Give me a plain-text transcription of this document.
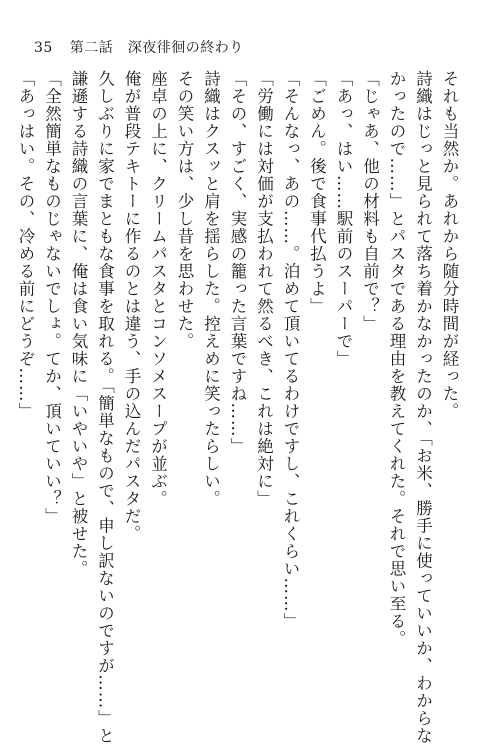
35 第二話　深夜徘徊の終わり

それも当然か。あれから随分時間が経った。

詩織はじっと見られて落ち着かなかったのか、「お米、勝手に使っていいか、わからな

かったので……」とパスタである理由を教えてくれた。それで思い至る。

「じゃあ、他の材料も自前で？」

「あっ、はい……駅前のスーパーで」

「ごめん。後で食事代払うよ」

「そんなっ、あの……。泊めて頂いてるわけですし、これくらい……」

「労働には対価が支払われて然るべき、これは絶対に」

「その、すごく、実感の籠った言葉ですね……」

詩織はクスッと肩を揺らした。控えめに笑ったらしい。

その笑い方は、少し昔を思わせた。

座卓の上に、クリームパスタとコンソメスープが並ぶ。

俺が普段テキトーに作るのとは違う、手の込んだパスタだ。

久しぶりに家でまともな食事を取れる。「簡単なもので、申し訳ないのですが……」と

謙遜する詩織の言葉に、俺は食い気味に「いやいや」と被せた。

「全然簡単なものじゃないでしょ。てか、頂いていい？」

「あっはい。その、冷める前にどうぞ……」
